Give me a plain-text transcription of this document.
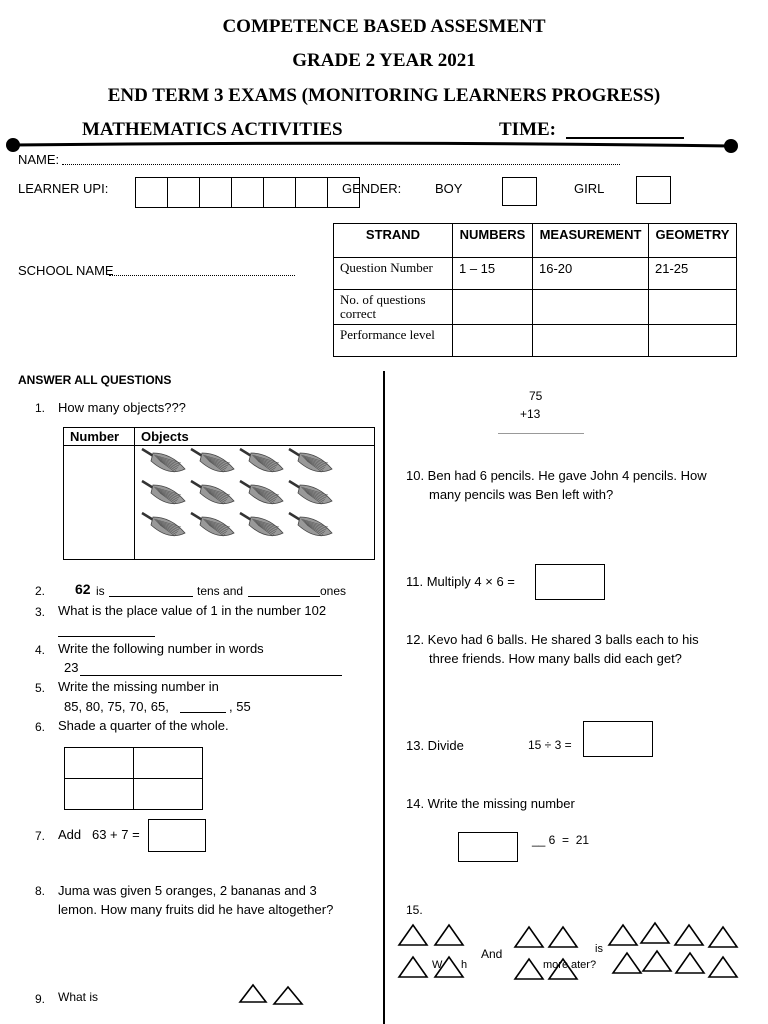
COMPETENCE BASED ASSESMENT
GRADE 2 YEAR 2021
END TERM 3 EXAMS (MONITORING LEARNERS PROGRESS)
MATHEMATICS ACTIVITIES	TIME:
NAME:
LEARNER UPI:	GENDER:	BOY	GIRL
SCHOOL NAME
STRAND	NUMBERS	MEASUREMENT	GEOMETRY
Question Number	1 – 15	16-20	21-25
No. of questions correct			
Performance level			
ANSWER ALL QUESTIONS
1. How many objects???
Number	Objects

2. 62 is	tens and	ones
3. What is the place value of 1 in the number 102
4. Write the following number in words
23
5. Write the missing number in
85, 80, 75, 70, 65,	, 55
6. Shade a quarter of the whole.
7. Add   63 + 7 =
8. Juma was given 5 oranges, 2 bananas and 3
lemon. How many fruits did he have altogether?
9. What is
75
+13
10. Ben had 6 pencils. He gave John 4 pencils. How
many pencils was Ben left with?
11. Multiply 4 × 6 =
12. Kevo had 6 balls. He shared 3 balls each to his
three friends. How many balls did each get?
13. Divide	15 ÷ 3 =
14. Write the missing number
__ 6  =  21
15.
And	is
W h	more ater?
